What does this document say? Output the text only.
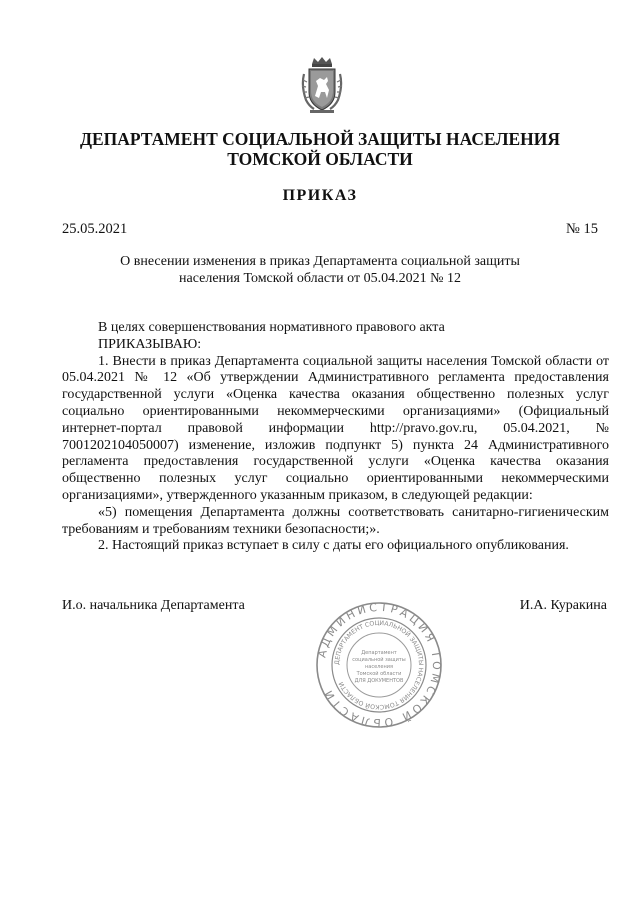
ДЕПАРТАМЕНТ СОЦИАЛЬНОЙ ЗАЩИТЫ НАСЕЛЕНИЯ
ТОМСКОЙ ОБЛАСТИ
ПРИКАЗ
25.05.2021	№ 15
О внесении изменения в приказ Департамента социальной защиты
населения Томской области от 05.04.2021 № 12

В целях совершенствования нормативного правового акта

ПРИКАЗЫВАЮ:

1. Внести в приказ Департамента социальной защиты населения Томской области от 05.04.2021 № 12 «Об утверждении Административного регламента предоставления государственной услуги «Оценка качества оказания общественно полезных услуг социально ориентированными некоммерческими организациями» (Официальный интернет-портал правовой информации http://pravo.gov.ru, 05.04.2021, № 7001202104050007) изменение, изложив подпункт 5) пункта 24 Административного регламента предоставления государственной услуги «Оценка качества оказания общественно полезных услуг социально ориентированными некоммерческими организациями», утвержденного указанным приказом, в следующей редакции:

«5) помещения Департамента должны соответствовать санитарно-гигиеническим требованиям и требованиям техники безопасности;».

2. Настоящий приказ вступает в силу с даты его официального опубликования.

И.о. начальника Департамента	И.А. Куракина
АДМИНИСТРАЦИЯ ТОМСКОЙ ОБЛАСТИ
ДЕПАРТАМЕНТ СОЦИАЛЬНОЙ ЗАЩИТЫ НАСЕЛЕНИЯ ТОМСКОЙ ОБЛАСТИ
Департамент
социальной защиты
населения
Томской области
ДЛЯ ДОКУМЕНТОВ
